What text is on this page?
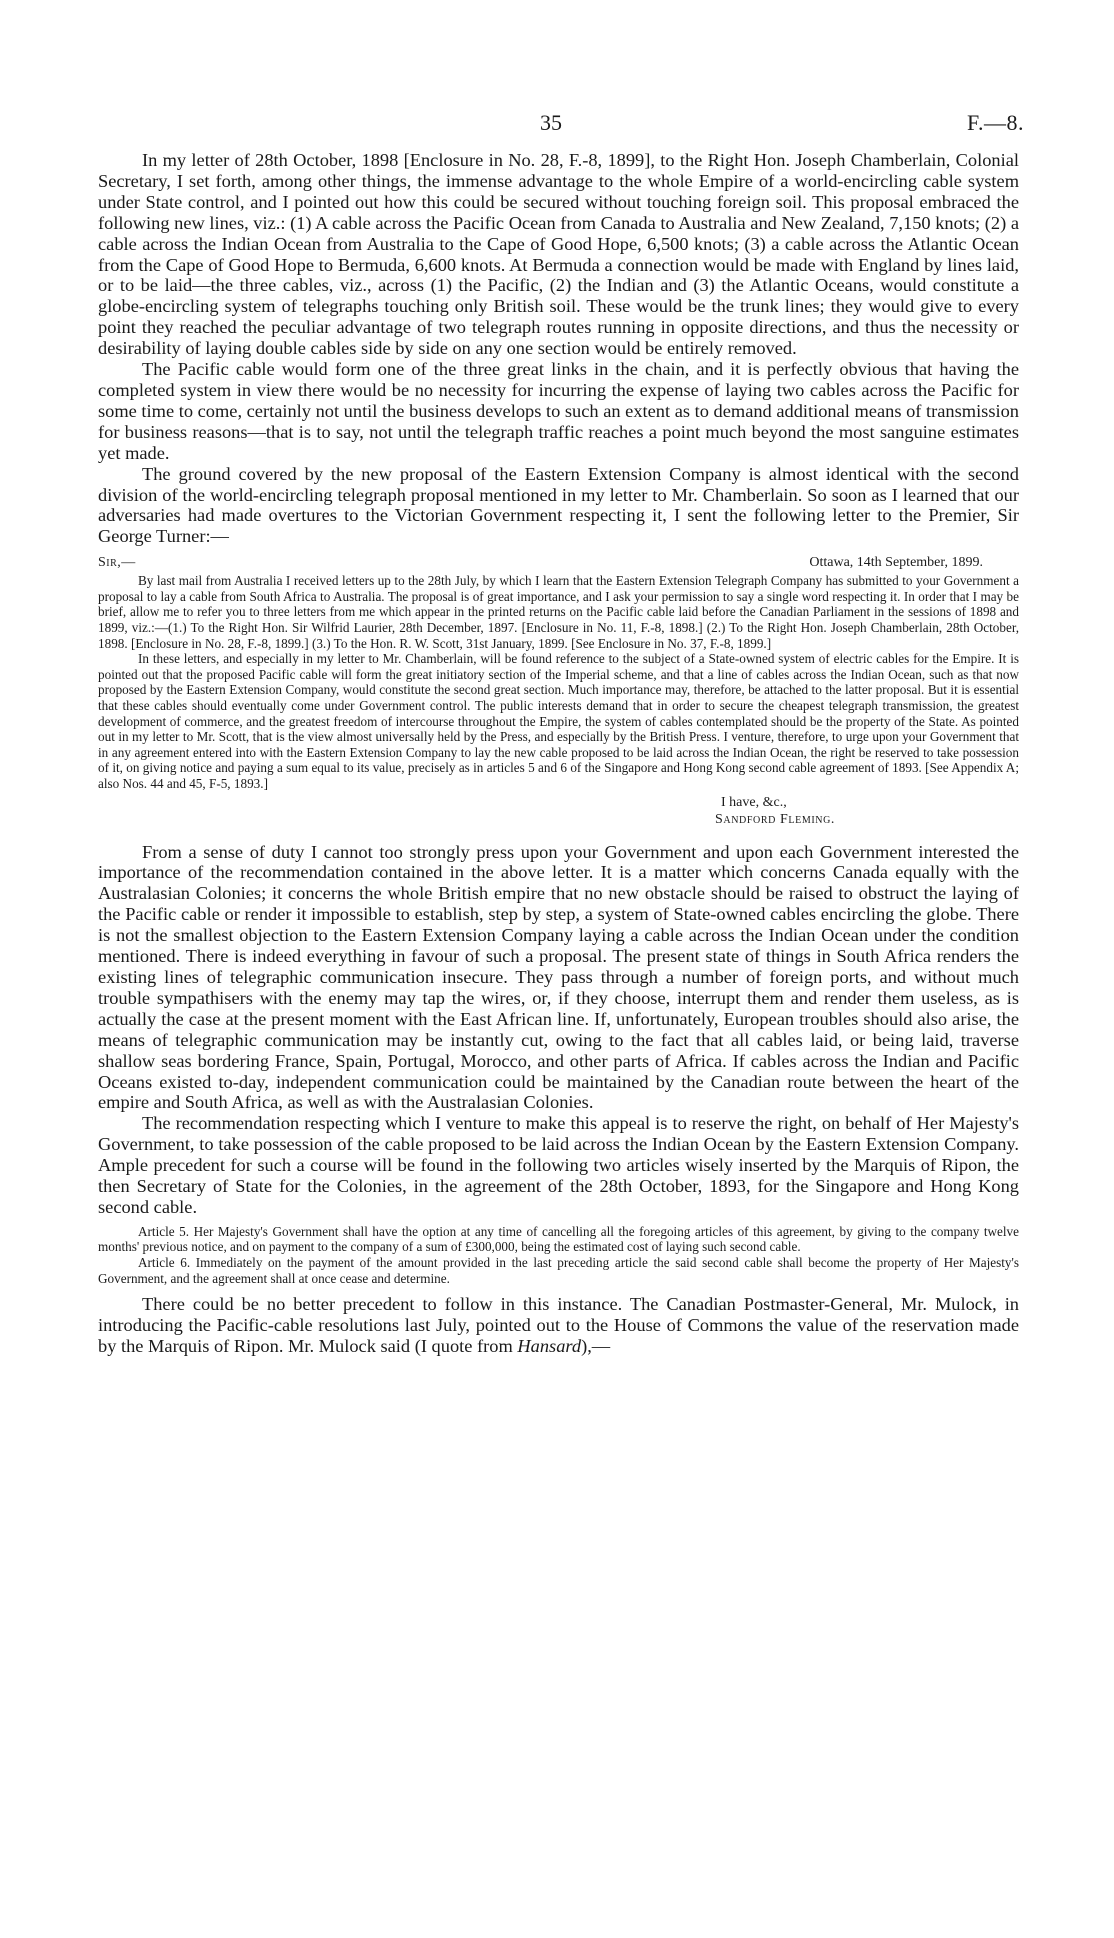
35	F.—8.

In my letter of 28th October, 1898 [Enclosure in No. 28, F.-8, 1899], to the Right Hon. Joseph Chamberlain, Colonial Secretary, I set forth, among other things, the immense advantage to the whole Empire of a world-encircling cable system under State control, and I pointed out how this could be secured without touching foreign soil. This proposal embraced the following new lines, viz.: (1) A cable across the Pacific Ocean from Canada to Australia and New Zealand, 7,150 knots; (2) a cable across the Indian Ocean from Australia to the Cape of Good Hope, 6,500 knots; (3) a cable across the Atlantic Ocean from the Cape of Good Hope to Bermuda, 6,600 knots. At Bermuda a connection would be made with England by lines laid, or to be laid—the three cables, viz., across (1) the Pacific, (2) the Indian and (3) the Atlantic Oceans, would constitute a globe-encircling system of telegraphs touching only British soil. These would be the trunk lines; they would give to every point they reached the peculiar advantage of two telegraph routes running in opposite directions, and thus the necessity or desirability of laying double cables side by side on any one section would be entirely removed.

The Pacific cable would form one of the three great links in the chain, and it is perfectly obvious that having the completed system in view there would be no necessity for incurring the expense of laying two cables across the Pacific for some time to come, certainly not until the business develops to such an extent as to demand additional means of transmission for business reasons—that is to say, not until the telegraph traffic reaches a point much beyond the most sanguine estimates yet made.

The ground covered by the new proposal of the Eastern Extension Company is almost identical with the second division of the world-encircling telegraph proposal mentioned in my letter to Mr. Chamberlain. So soon as I learned that our adversaries had made overtures to the Victorian Government respecting it, I sent the following letter to the Premier, Sir George Turner:—

Sir,—	Ottawa, 14th September, 1899.

By last mail from Australia I received letters up to the 28th July, by which I learn that the Eastern Extension Telegraph Company has submitted to your Government a proposal to lay a cable from South Africa to Australia. The proposal is of great importance, and I ask your permission to say a single word respecting it. In order that I may be brief, allow me to refer you to three letters from me which appear in the printed returns on the Pacific cable laid before the Canadian Parliament in the sessions of 1898 and 1899, viz.:—(1.) To the Right Hon. Sir Wilfrid Laurier, 28th December, 1897. [Enclosure in No. 11, F.-8, 1898.] (2.) To the Right Hon. Joseph Chamberlain, 28th October, 1898. [Enclosure in No. 28, F.-8, 1899.] (3.) To the Hon. R. W. Scott, 31st January, 1899. [See Enclosure in No. 37, F.-8, 1899.]

In these letters, and especially in my letter to Mr. Chamberlain, will be found reference to the subject of a State-owned system of electric cables for the Empire. It is pointed out that the proposed Pacific cable will form the great initiatory section of the Imperial scheme, and that a line of cables across the Indian Ocean, such as that now proposed by the Eastern Extension Company, would constitute the second great section. Much importance may, therefore, be attached to the latter proposal. But it is essential that these cables should eventually come under Government control. The public interests demand that in order to secure the cheapest telegraph transmission, the greatest development of commerce, and the greatest freedom of intercourse throughout the Empire, the system of cables contemplated should be the property of the State. As pointed out in my letter to Mr. Scott, that is the view almost universally held by the Press, and especially by the British Press. I venture, therefore, to urge upon your Government that in any agreement entered into with the Eastern Extension Company to lay the new cable proposed to be laid across the Indian Ocean, the right be reserved to take possession of it, on giving notice and paying a sum equal to its value, precisely as in articles 5 and 6 of the Singapore and Hong Kong second cable agreement of 1893. [See Appendix A; also Nos. 44 and 45, F-5, 1893.]

I have, &c.,
Sandford Fleming.

From a sense of duty I cannot too strongly press upon your Government and upon each Government interested the importance of the recommendation contained in the above letter. It is a matter which concerns Canada equally with the Australasian Colonies; it concerns the whole British empire that no new obstacle should be raised to obstruct the laying of the Pacific cable or render it impossible to establish, step by step, a system of State-owned cables encircling the globe. There is not the smallest objection to the Eastern Extension Company laying a cable across the Indian Ocean under the condition mentioned. There is indeed everything in favour of such a proposal. The present state of things in South Africa renders the existing lines of telegraphic communication insecure. They pass through a number of foreign ports, and without much trouble sympathisers with the enemy may tap the wires, or, if they choose, interrupt them and render them useless, as is actually the case at the present moment with the East African line. If, unfortunately, European troubles should also arise, the means of telegraphic communication may be instantly cut, owing to the fact that all cables laid, or being laid, traverse shallow seas bordering France, Spain, Portugal, Morocco, and other parts of Africa. If cables across the Indian and Pacific Oceans existed to-day, independent communication could be maintained by the Canadian route between the heart of the empire and South Africa, as well as with the Australasian Colonies.

The recommendation respecting which I venture to make this appeal is to reserve the right, on behalf of Her Majesty's Government, to take possession of the cable proposed to be laid across the Indian Ocean by the Eastern Extension Company. Ample precedent for such a course will be found in the following two articles wisely inserted by the Marquis of Ripon, the then Secretary of State for the Colonies, in the agreement of the 28th October, 1893, for the Singapore and Hong Kong second cable.

Article 5. Her Majesty's Government shall have the option at any time of cancelling all the foregoing articles of this agreement, by giving to the company twelve months' previous notice, and on payment to the company of a sum of £300,000, being the estimated cost of laying such second cable.

Article 6. Immediately on the payment of the amount provided in the last preceding article the said second cable shall become the property of Her Majesty's Government, and the agreement shall at once cease and determine.

There could be no better precedent to follow in this instance. The Canadian Postmaster-General, Mr. Mulock, in introducing the Pacific-cable resolutions last July, pointed out to the House of Commons the value of the reservation made by the Marquis of Ripon. Mr. Mulock said (I quote from Hansard),—
